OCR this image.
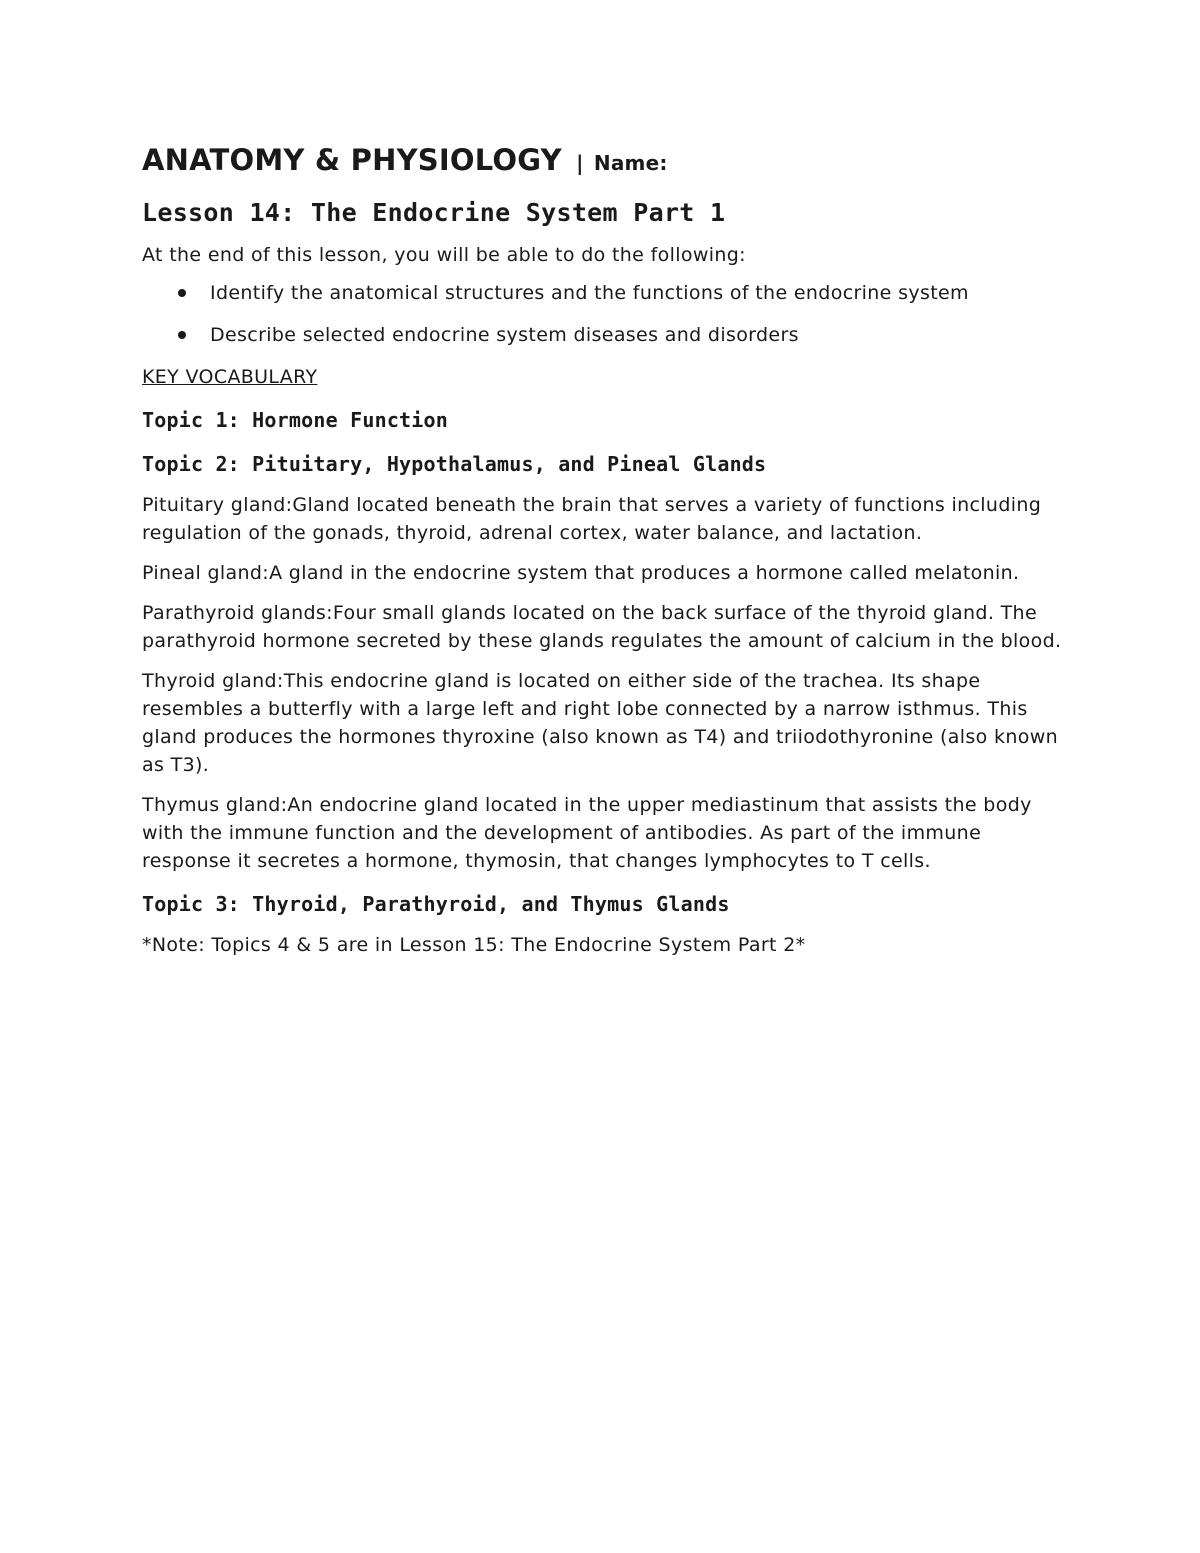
ANATOMY & PHYSIOLOGY | Name:
Lesson 14: The Endocrine System Part 1

At the end of this lesson, you will be able to do the following:

Identify the anatomical structures and the functions of the endocrine system
Describe selected endocrine system diseases and disorders
KEY VOCABULARY
Topic 1: Hormone Function
Topic 2: Pituitary, Hypothalamus, and Pineal Glands

Pituitary gland:Gland located beneath the brain that serves a variety of functions including regulation of the gonads, thyroid, adrenal cortex, water balance, and lactation.

Pineal gland:A gland in the endocrine system that produces a hormone called melatonin.

Parathyroid glands:Four small glands located on the back surface of the thyroid gland. The parathyroid hormone secreted by these glands regulates the amount of calcium in the blood.

Thyroid gland:This endocrine gland is located on either side of the trachea. Its shape resembles a butterfly with a large left and right lobe connected by a narrow isthmus. This gland produces the hormones thyroxine (also known as T4) and triiodothyronine (also known as T3).

Thymus gland:An endocrine gland located in the upper mediastinum that assists the body with the immune function and the development of antibodies. As part of the immune response it secretes a hormone, thymosin, that changes lymphocytes to T cells.

Topic 3: Thyroid, Parathyroid, and Thymus Glands

*Note: Topics 4 & 5 are in Lesson 15: The Endocrine System Part 2*
